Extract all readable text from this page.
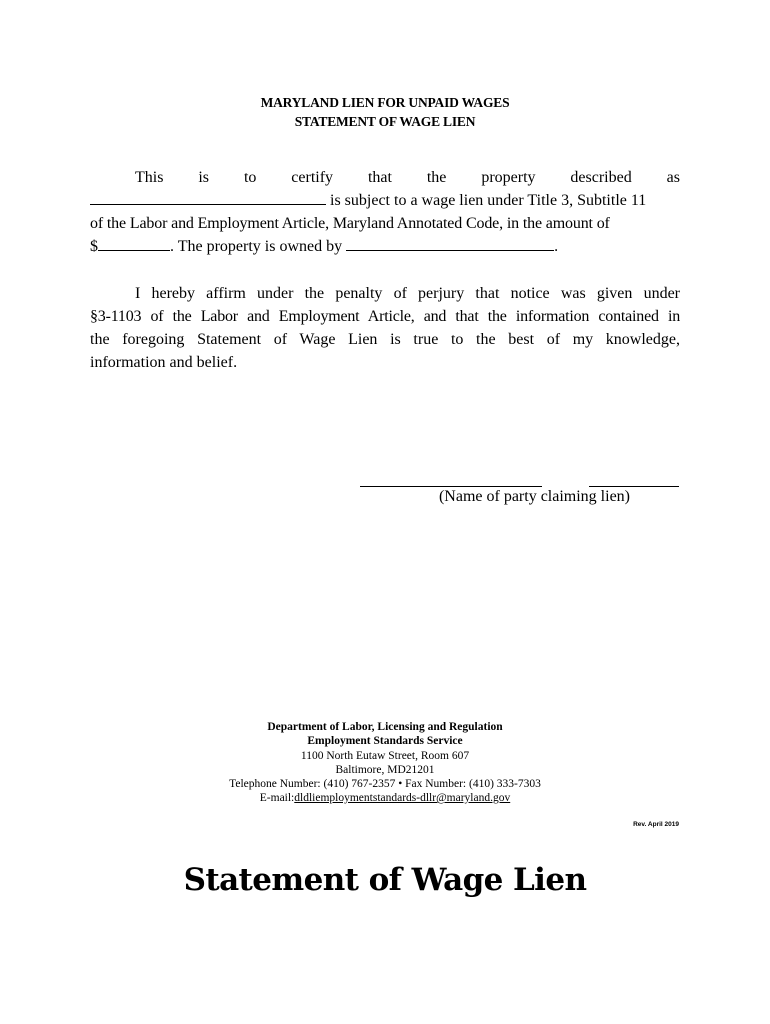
MARYLAND LIEN FOR UNPAID WAGES
STATEMENT OF WAGE LIEN
This is to certify that the property described as
is subject to a wage lien under Title 3, Subtitle 11
of the Labor and Employment Article, Maryland Annotated Code, in the amount of
$	. The property is owned by	.
I hereby affirm under the penalty of perjury that notice was given under
§3-1103 of the Labor and Employment Article, and that the information contained in
the foregoing Statement of Wage Lien is true to the best of my knowledge,
information and belief.
(Name of party claiming lien)
Department of Labor, Licensing and Regulation
Employment Standards Service
1100 North Eutaw Street, Room 607
Baltimore, MD21201
Telephone Number: (410) 767-2357 • Fax Number: (410) 333-7303
E-mail:dldliemploymentstandards-dllr@maryland.gov
Rev. April 2019
Statement of Wage Lien
